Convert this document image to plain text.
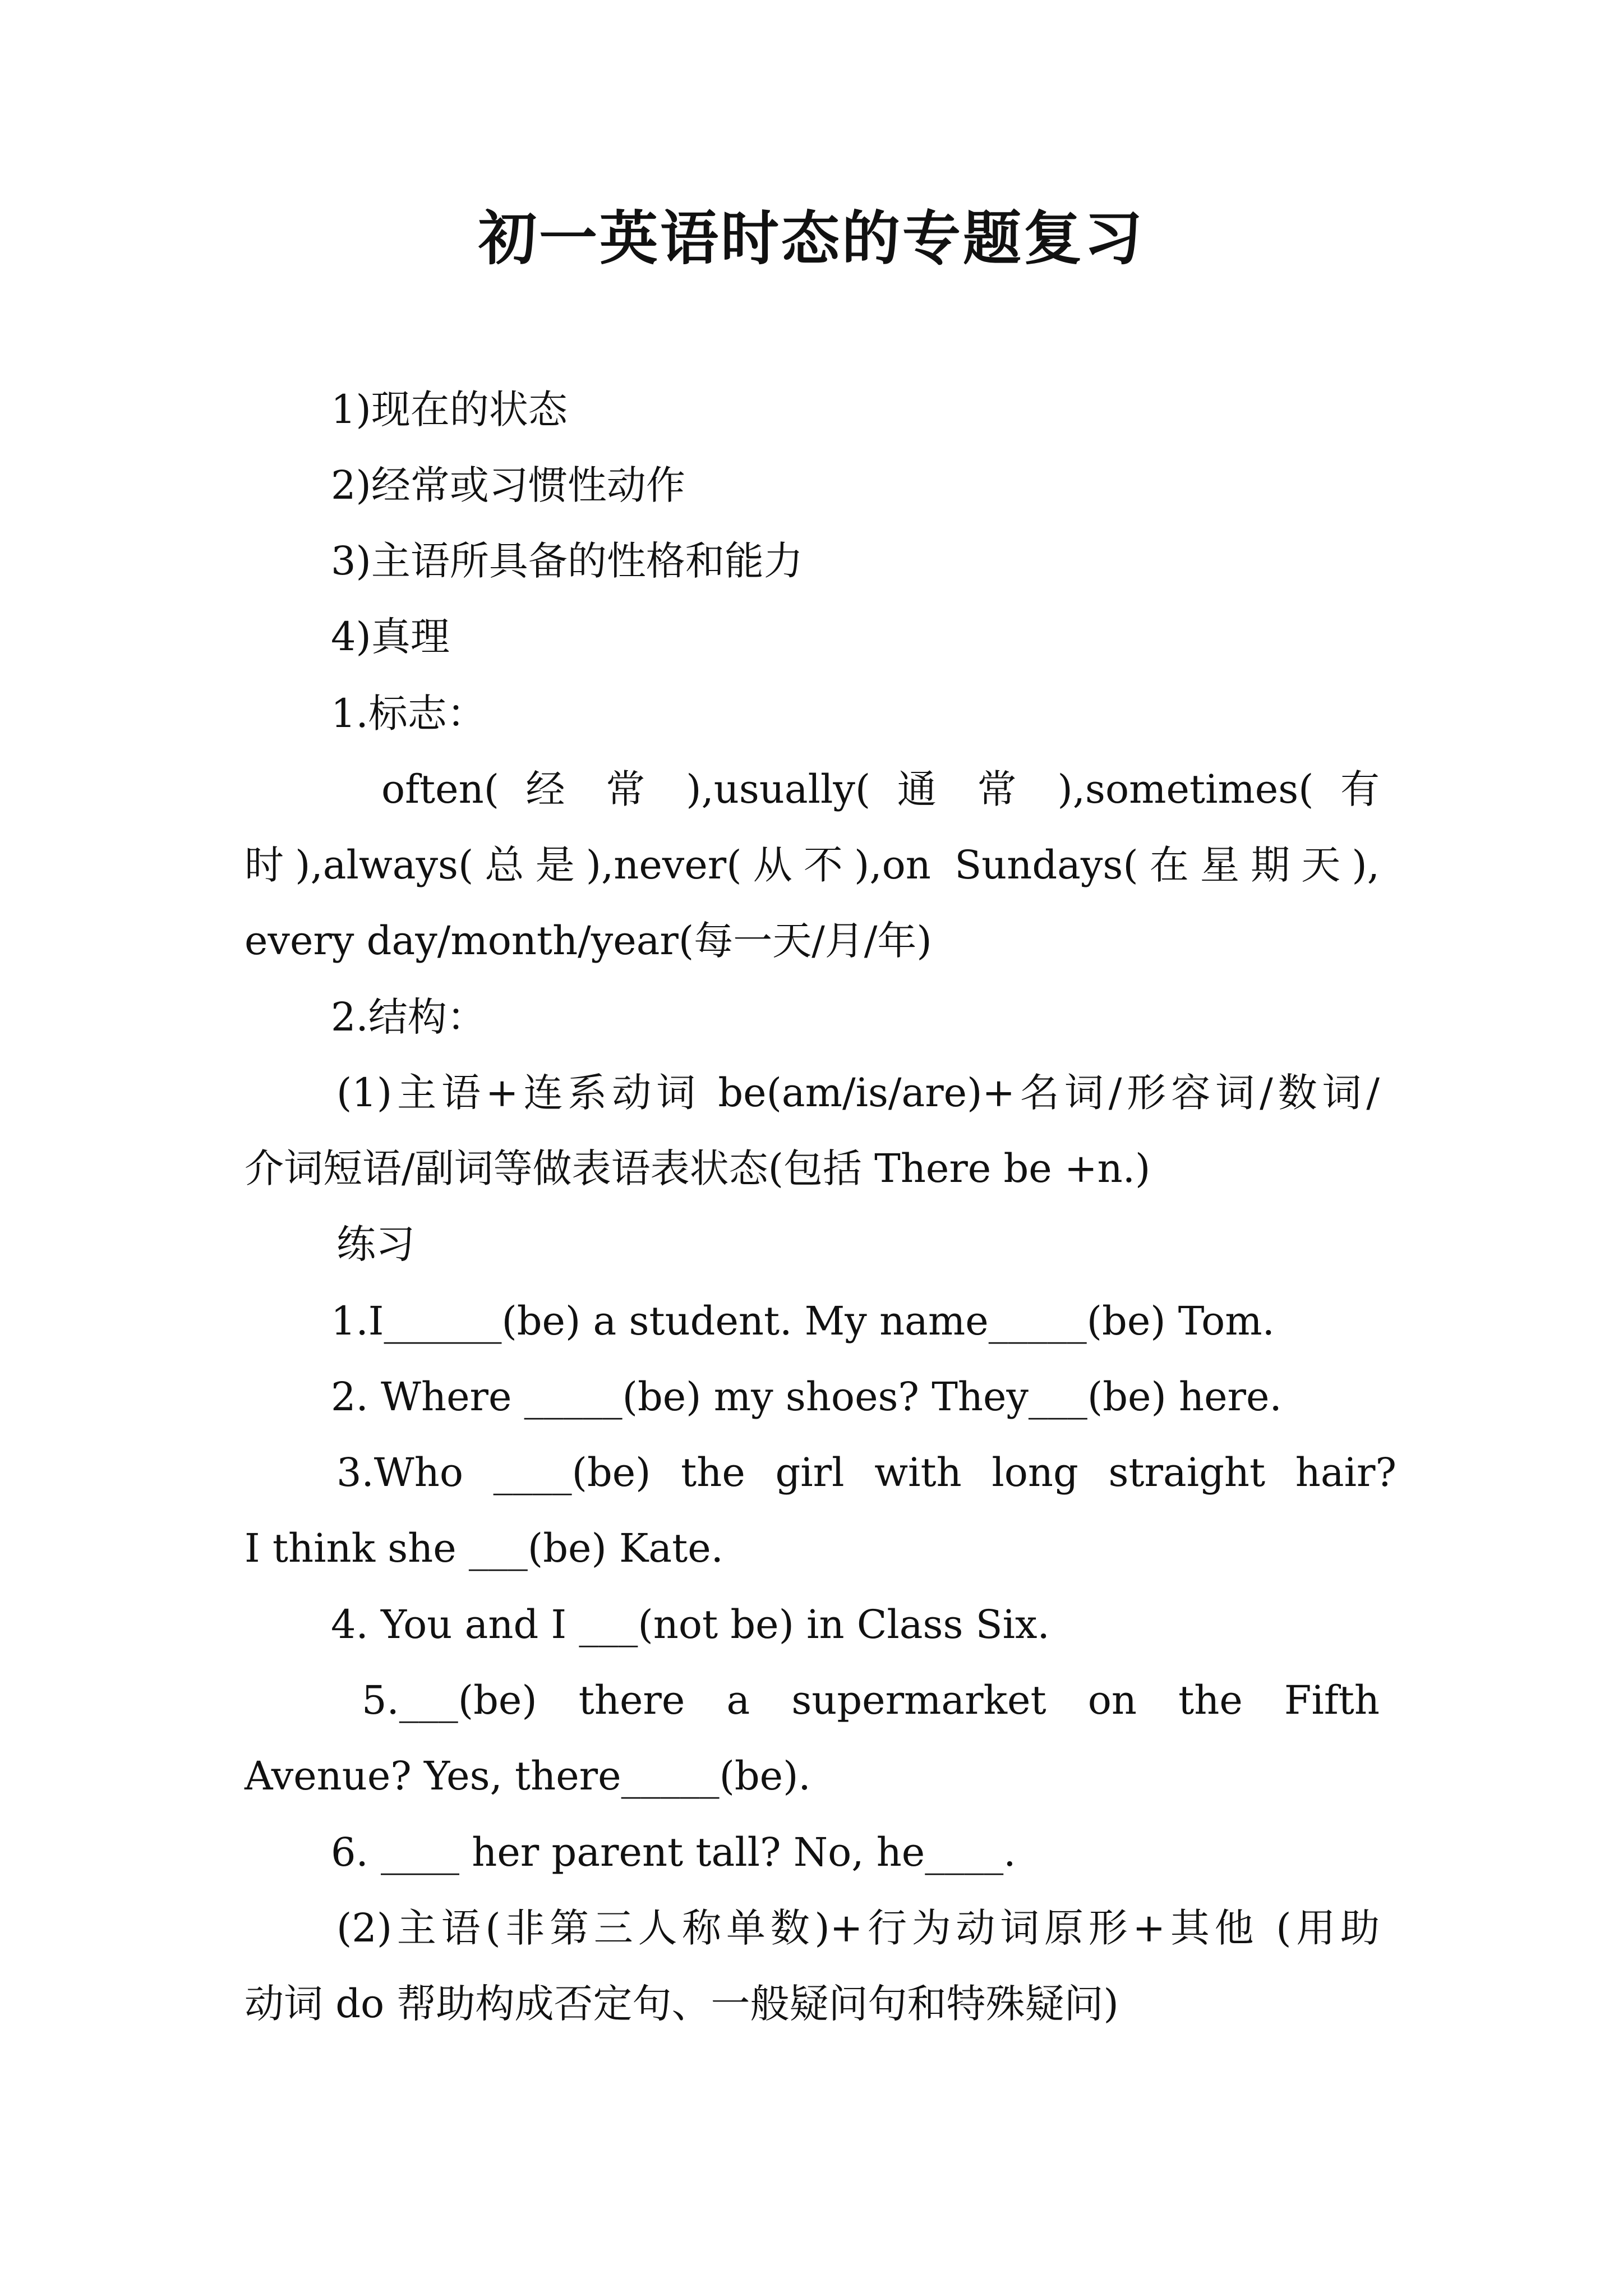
初一英语时态的专题复习
1)现在的状态
2)经常或习惯性动作
3)主语所具备的性格和能力
4)真理
1.标志：
often( 经 常 ),usually( 通 常 ),sometimes( 有
时),always(总是),never(从不),on Sundays(在星期天),
every day/month/year(每一天/月/年)
2.结构：
(1)主语+连系动词 be(am/is/are)+名词/形容词/数词/
介词短语/副词等做表语表状态(包括 There be +n.)
练习
1.I______(be) a student. My name_____(be) Tom.
2. Where _____(be) my shoes? They___(be) here.
3.Who ____(be) the girl with long straight hair?
I think she ___(be) Kate.
4. You and I ___(not be) in Class Six.
5.___(be) there a supermarket on the Fifth
Avenue? Yes, there_____(be).
6. ____ her parent tall? No, he____.
(2)主语(非第三人称单数)+行为动词原形+其他 (用助
动词 do 帮助构成否定句、一般疑问句和特殊疑问)
